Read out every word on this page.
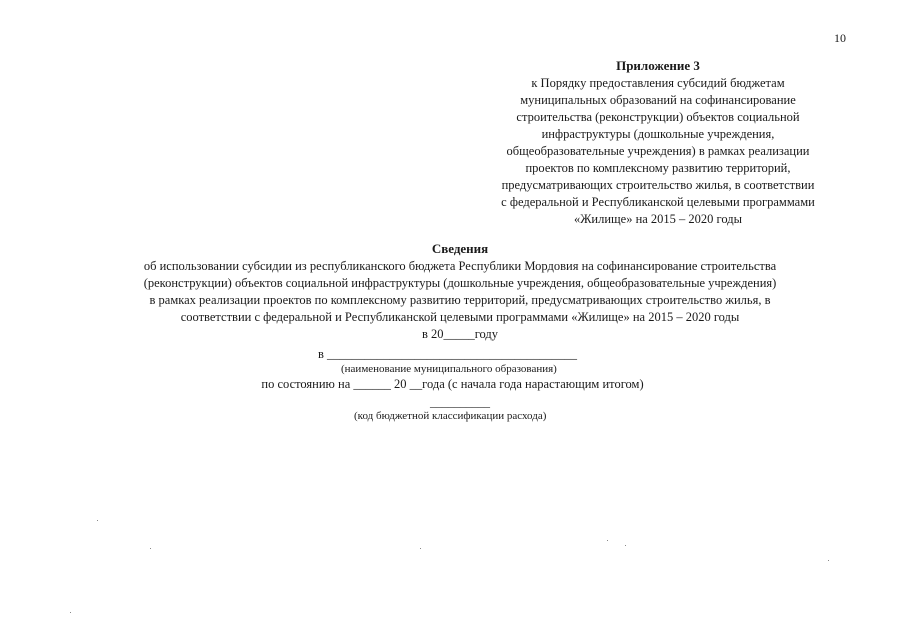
10
Приложение 3
к Порядку предоставления субсидий бюджетам
муниципальных образований на софинансирование
строительства (реконструкции) объектов социальной
инфраструктуры (дошкольные учреждения,
общеобразовательные учреждения) в рамках реализации
проектов по комплексному развитию территорий,
предусматривающих строительство жилья, в соответствии
с федеральной и Республиканской целевыми программами
«Жилище» на 2015 – 2020 годы
Сведения
об использовании субсидии из республиканского бюджета Республики Мордовия на софинансирование строительства
(реконструкции) объектов социальной инфраструктуры (дошкольные учреждения, общеобразовательные учреждения)
в рамках реализации проектов по комплексному развитию территорий, предусматривающих строительство жилья, в
соответствии с федеральной и Республиканской целевыми программами «Жилище» на 2015 – 2020 годы
в 20_____году
в ________________________________________
(наименование муниципального образования)
по состоянию на ______ 20 __года (с начала года нарастающим итогом)
__________
(код бюджетной классификации расхода)
